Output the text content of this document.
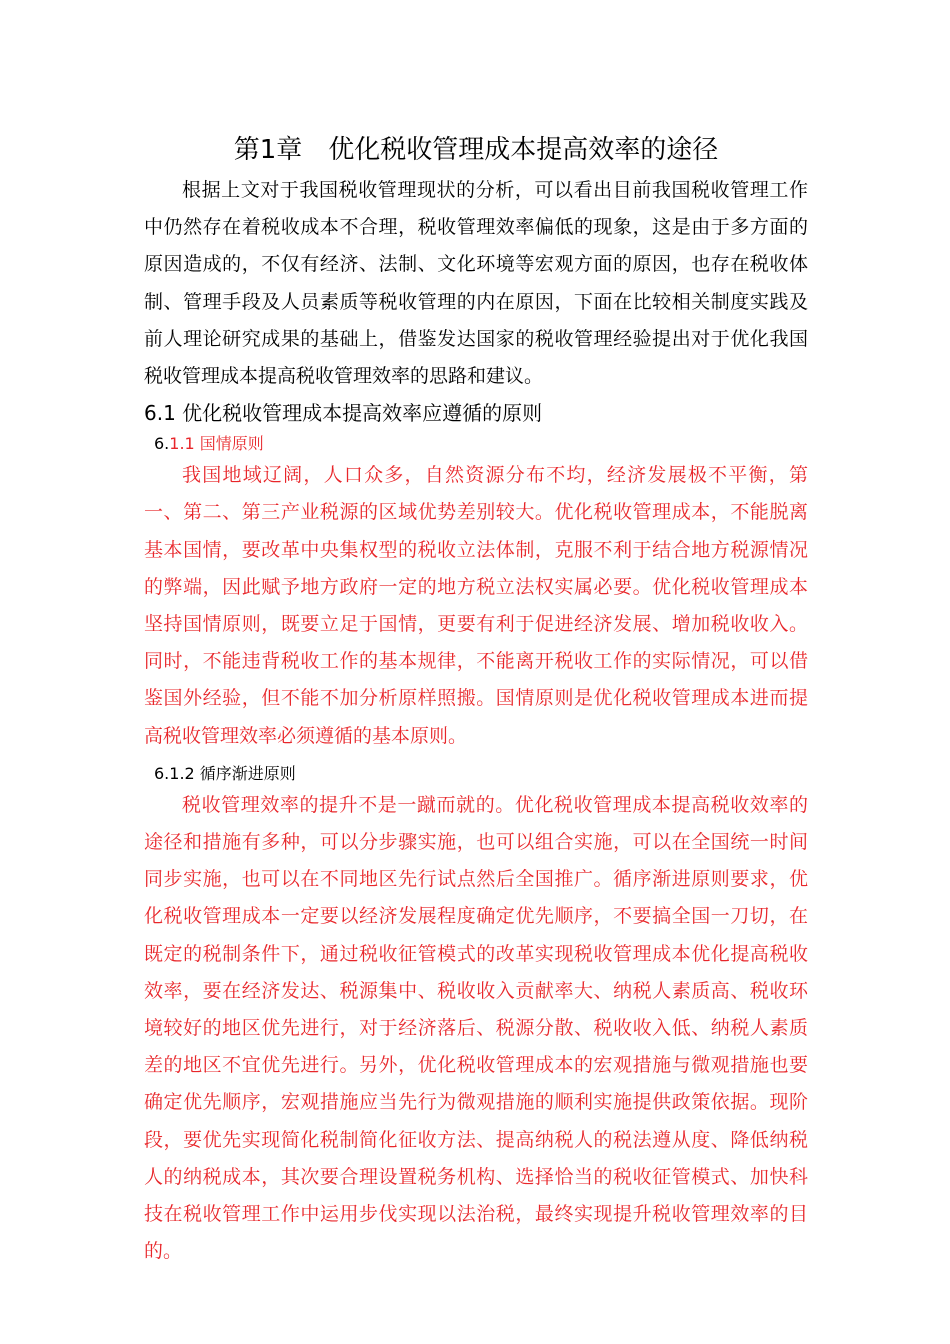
第1章　优化税收管理成本提高效率的途径

根据上文对于我国税收管理现状的分析，可以看出目前我国税收管理工作中仍然存在着税收成本不合理，税收管理效率偏低的现象，这是由于多方面的原因造成的，不仅有经济、法制、文化环境等宏观方面的原因，也存在税收体制、管理手段及人员素质等税收管理的内在原因，下面在比较相关制度实践及前人理论研究成果的基础上，借鉴发达国家的税收管理经验提出对于优化我国税收管理成本提高税收管理效率的思路和建议。

6.1 优化税收管理成本提高效率应遵循的原则
6.1.1 国情原则

我国地域辽阔，人口众多，自然资源分布不均，经济发展极不平衡，第一、第二、第三产业税源的区域优势差别较大。优化税收管理成本，不能脱离基本国情，要改革中央集权型的税收立法体制，克服不利于结合地方税源情况的弊端，因此赋予地方政府一定的地方税立法权实属必要。优化税收管理成本坚持国情原则，既要立足于国情，更要有利于促进经济发展、增加税收收入。同时，不能违背税收工作的基本规律，不能离开税收工作的实际情况，可以借鉴国外经验，但不能不加分析原样照搬。国情原则是优化税收管理成本进而提高税收管理效率必须遵循的基本原则。

6.1.2 循序渐进原则

税收管理效率的提升不是一蹴而就的。优化税收管理成本提高税收效率的途径和措施有多种，可以分步骤实施，也可以组合实施，可以在全国统一时间同步实施，也可以在不同地区先行试点然后全国推广。循序渐进原则要求，优化税收管理成本一定要以经济发展程度确定优先顺序，不要搞全国一刀切，在既定的税制条件下，通过税收征管模式的改革实现税收管理成本优化提高税收效率，要在经济发达、税源集中、税收收入贡献率大、纳税人素质高、税收环境较好的地区优先进行，对于经济落后、税源分散、税收收入低、纳税人素质差的地区不宜优先进行。另外，优化税收管理成本的宏观措施与微观措施也要确定优先顺序，宏观措施应当先行为微观措施的顺利实施提供政策依据。现阶段，要优先实现简化税制简化征收方法、提高纳税人的税法遵从度、降低纳税人的纳税成本，其次要合理设置税务机构、选择恰当的税收征管模式、加快科技在税收管理工作中运用步伐实现以法治税，最终实现提升税收管理效率的目的。
